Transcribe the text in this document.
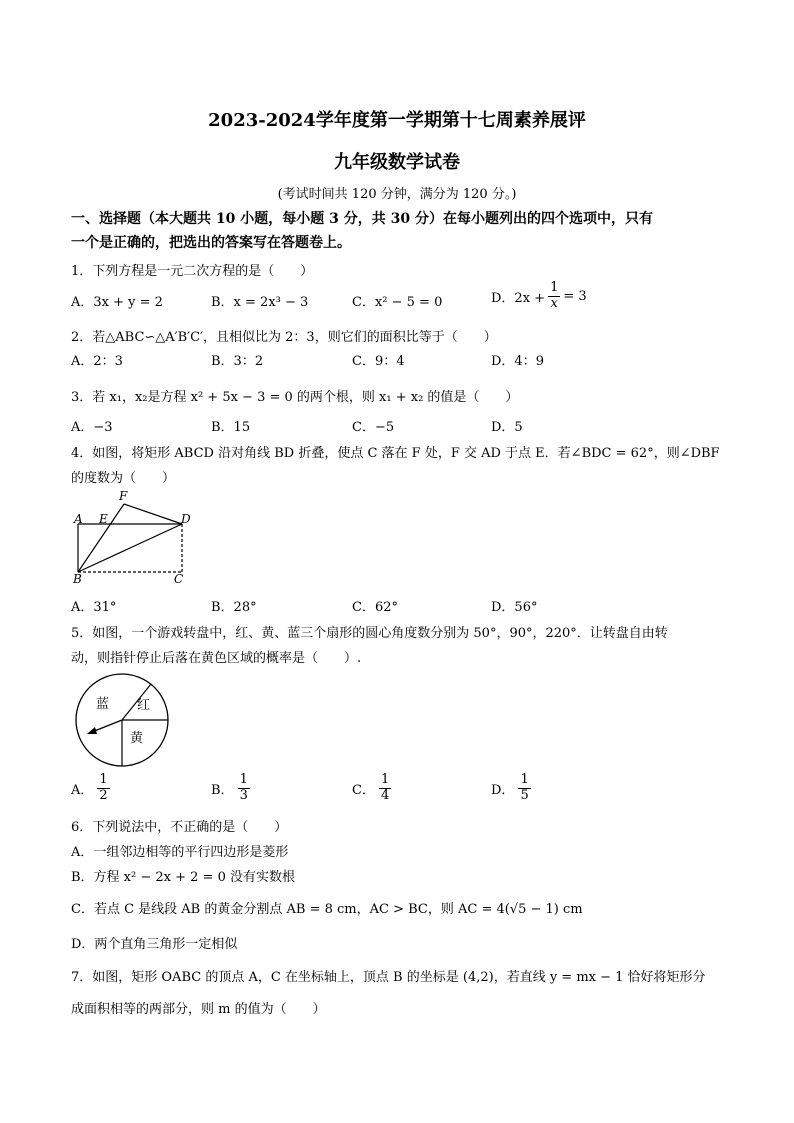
2023-2024学年度第一学期第十七周素养展评
九年级数学试卷
(考试时间共 120 分钟，满分为 120 分。)
一、选择题（本大题共 10 小题，每小题 3 分，共 30 分）在每小题列出的四个选项中，只有
一个是正确的，把选出的答案写在答题卷上。
1．下列方程是一元二次方程的是（　　）
A．3x + y = 2	B．x = 2x³ − 3	C．x² − 5 = 0	D．$2x + \frac{1}{x} = 3$
2．若△ABC∽△A′B′C′，且相似比为 2：3，则它们的面积比等于（　　）
A．2：3	B．3：2	C．9：4	D．4：9
3．若 x₁，x₂是方程 x² + 5x − 3 = 0 的两个根，则 x₁ + x₂ 的值是（　　）
A．−3	B．15	C．−5	D．5
4．如图，将矩形 ABCD 沿对角线 BD 折叠，使点 C 落在 F 处，F 交 AD 于点 E．若∠BDC = 62°，则∠DBF
的度数为（　　）
A E
F
D
B	C
A．31°	B．28°	C．62°	D．56°
5．如图，一个游戏转盘中，红、黄、蓝三个扇形的圆心角度数分别为 50°，90°，220°．让转盘自由转
动，则指针停止后落在黄色区域的概率是（　　）.
蓝 红
黄
A． $\frac{1}{2}$	B． $\frac{1}{3}$	C． $\frac{1}{4}$	D． $\frac{1}{5}$
6．下列说法中，不正确的是（　　）
A．一组邻边相等的平行四边形是菱形
B．方程 x² − 2x + 2 = 0 没有实数根
C．若点 C 是线段 AB 的黄金分割点 AB = 8 cm，AC > BC，则 AC = 4(√5 − 1) cm
D．两个直角三角形一定相似
7．如图，矩形 OABC 的顶点 A，C 在坐标轴上，顶点 B 的坐标是 (4,2)，若直线 y = mx − 1 恰好将矩形分
成面积相等的两部分，则 m 的值为（　　）
